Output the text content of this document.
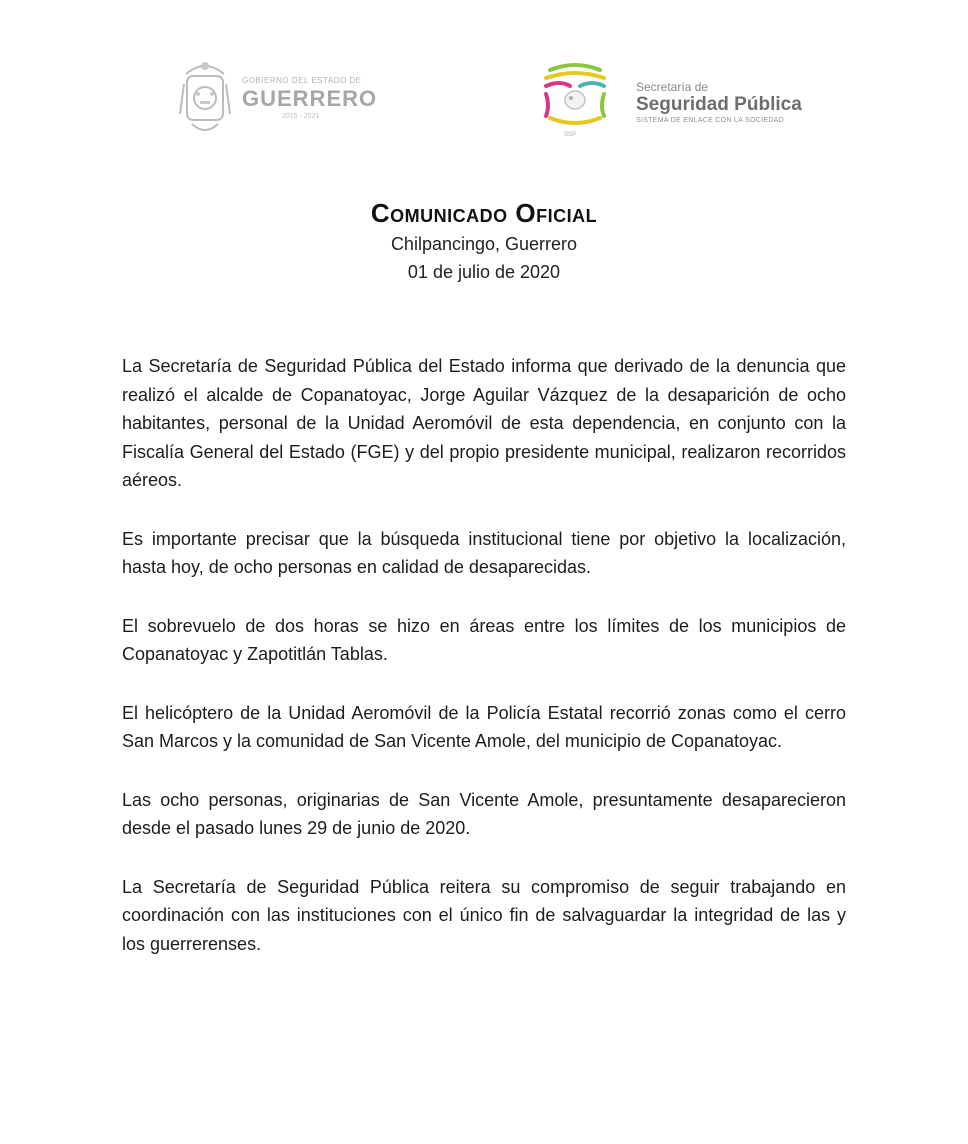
GOBIERNO DEL ESTADO DE
GUERRERO
2015 - 2021
Secretaría de
Seguridad Pública
SISTEMA DE ENLACE CON LA SOCIEDAD
SSP
Comunicado Oficial
Chilpancingo, Guerrero
01 de julio de 2020

La Secretaría de Seguridad Pública del Estado informa que derivado de la denuncia que realizó el alcalde de Copanatoyac, Jorge Aguilar Vázquez de la desaparición de ocho habitantes, personal de la Unidad Aeromóvil de esta dependencia, en conjunto con la Fiscalía General del Estado (FGE) y del propio presidente municipal, realizaron recorridos aéreos.

Es importante precisar que la búsqueda institucional tiene por objetivo la localización, hasta hoy, de ocho personas en calidad de desaparecidas.

El sobrevuelo de dos horas se hizo en áreas entre los límites de los municipios de Copanatoyac y Zapotitlán Tablas.

El helicóptero de la Unidad Aeromóvil de la Policía Estatal recorrió zonas como el cerro San Marcos y la comunidad de San Vicente Amole, del municipio de Copanatoyac.

Las ocho personas, originarias de San Vicente Amole, presuntamente desaparecieron desde el pasado lunes 29 de junio de 2020.

La Secretaría de Seguridad Pública reitera su compromiso de seguir trabajando en coordinación con las instituciones con el único fin de salvaguardar la integridad de las y los guerrerenses.
